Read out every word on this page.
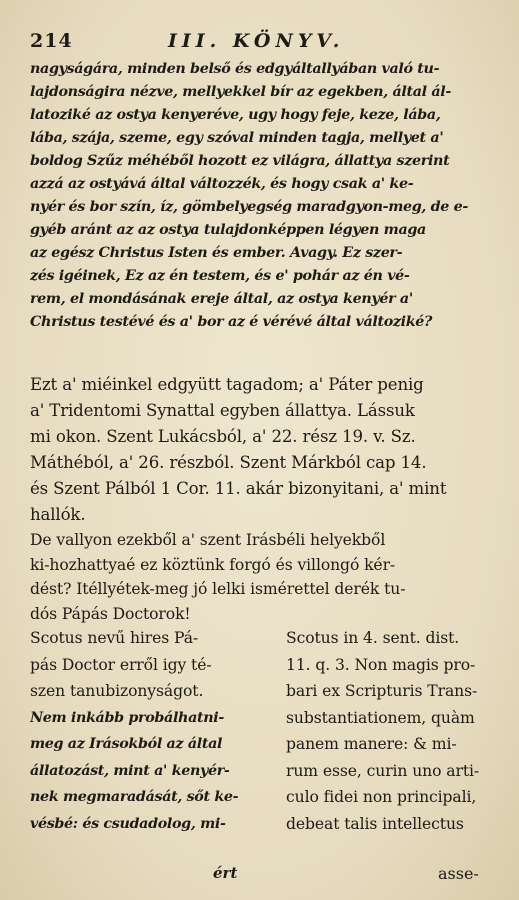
214	III. KÖNYV.
nagyságára, minden belső és edgyáltallyában való tu-
lajdonságira nézve, mellyekkel bír az egekben, által ál-
latoziké az ostya kenyeréve, ugy hogy feje, keze, lába,
lába, szája, szeme, egy szóval minden tagja, mellyet a'
boldog Szűz méhéből hozott ez világra, állattya szerint
azzá az ostyává által változzék, és hogy csak a' ke-
nyér és bor szín, íz, gömbelyegség maradgyon-meg, de e-
gyéb aránt az az ostya tulajdonképpen légyen maga
az egész Christus Isten és ember. Avagy. Ez szer-
zés igéinek, Ez az én testem, és e' pohár az én vé-
rem, el mondásának ereje által, az ostya kenyér a'
Christus testévé és a' bor az é vérévé által változiké?
Ezt a' miéinkel edgyütt tagadom; a' Páter penig
a' Tridentomi Synattal egyben állattya. Lássuk
mi okon. Szent Lukácsból, a' 22. rész 19. v. Sz.
Máthéból, a' 26. részból. Szent Márkból cap 14.
és Szent Pálból 1 Cor. 11. akár bizonyitani, a' mint
hallók.
De vallyon ezekből a' szent Irásbéli helyekből
ki-hozhattyaé ez köztünk forgó és villongó kér-
dést? Itéllyétek-meg jó lelki ismérettel derék tu-
dós Pápás Doctorok!
Scotus nevű hires Pá-
pás Doctor erről igy té-
szen tanubizonyságot.
Nem inkább probálhatni-
meg az Irásokból az által
állatozást, mint a' kenyér-
nek megmaradását, sőt ke-
vésbé: és csudadolog, mi-
Scotus in 4. sent. dist.
11. q. 3. Non magis pro-
bari ex Scripturis Trans-
substantiationem, quàm
panem manere: & mi-
rum esse, curin uno arti-
culo fidei non principali,
debeat talis intellectus
ért	asse-
